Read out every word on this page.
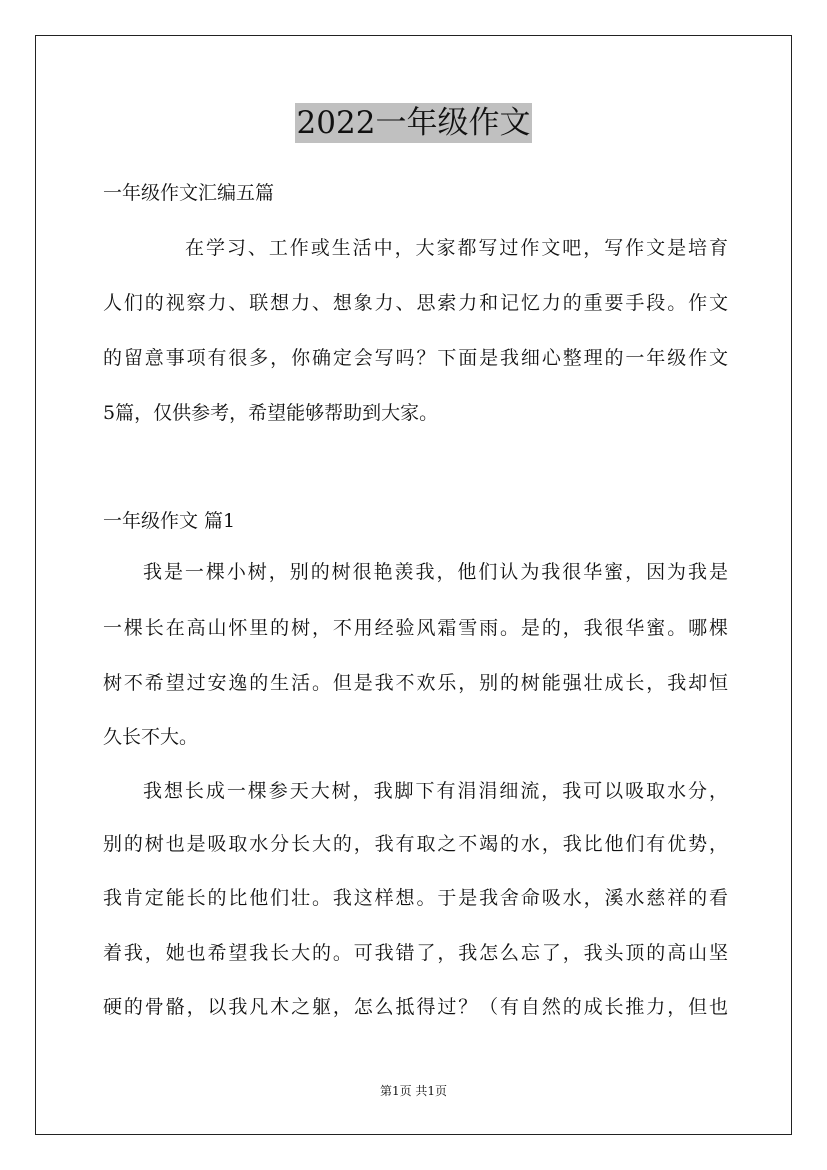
2022一年级作文
一年级作文汇编五篇
在学习、工作或生活中，大家都写过作文吧，写作文是培育
人们的视察力、联想力、想象力、思索力和记忆力的重要手段。作文
的留意事项有很多，你确定会写吗？下面是我细心整理的一年级作文
5篇，仅供参考，希望能够帮助到大家。
一年级作文 篇1
我是一棵小树，别的树很艳羡我，他们认为我很华蜜，因为我是
一棵长在高山怀里的树，不用经验风霜雪雨。是的，我很华蜜。哪棵
树不希望过安逸的生活。但是我不欢乐，别的树能强壮成长，我却恒
久长不大。
我想长成一棵参天大树，我脚下有涓涓细流，我可以吸取水分，
别的树也是吸取水分长大的，我有取之不竭的水，我比他们有优势，
我肯定能长的比他们壮。我这样想。于是我舍命吸水，溪水慈祥的看
着我，她也希望我长大的。可我错了，我怎么忘了，我头顶的高山坚
硬的骨骼，以我凡木之躯，怎么抵得过？（有自然的成长推力，但也
第1页 共1页
